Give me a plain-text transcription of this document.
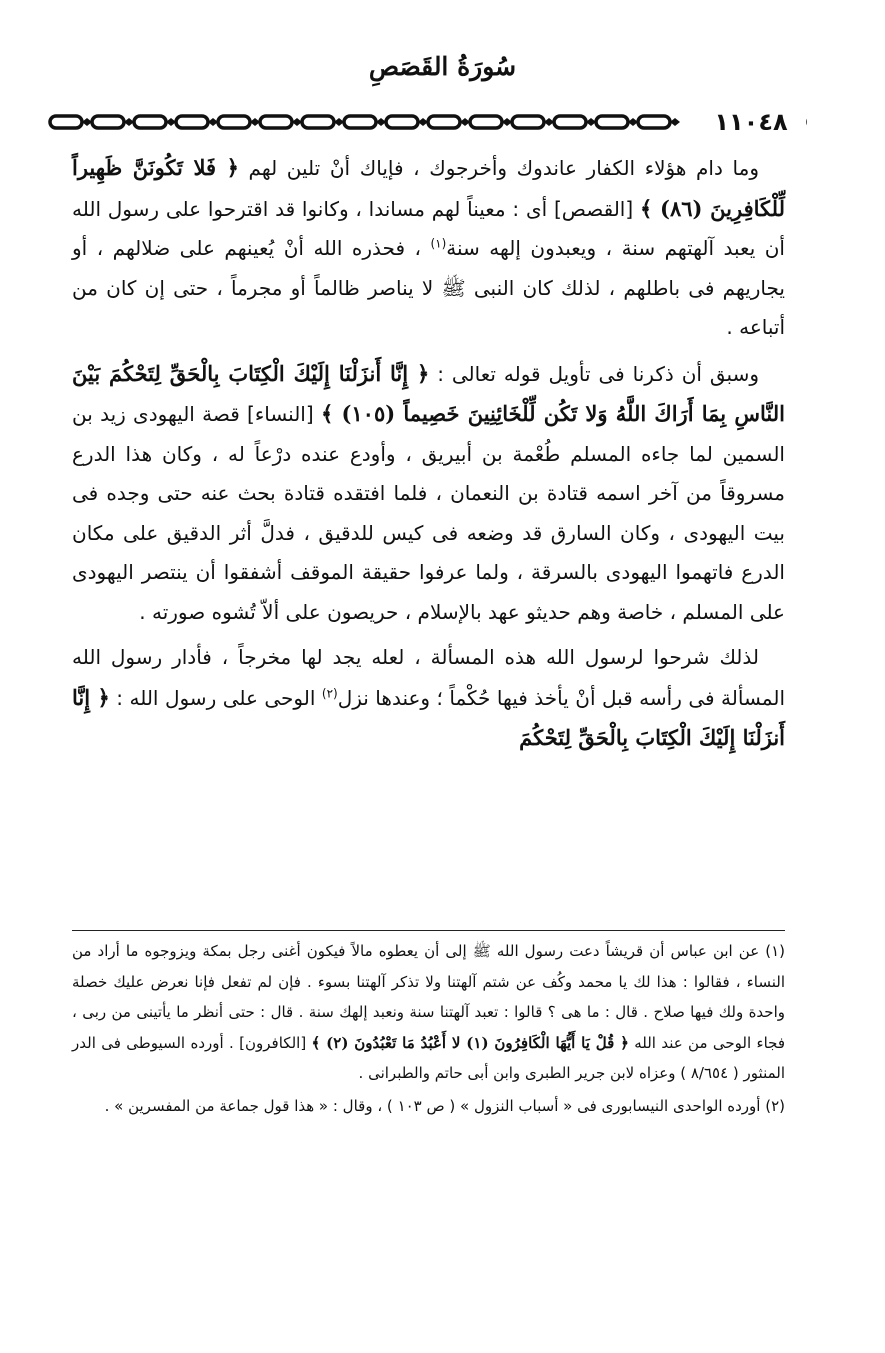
سُورَةُ القَصَصِ
١١٠٤٨

وما دام هؤلاء الكفار عاندوك وأخرجوك ، فإياك أنْ تلين لهم ﴿ فَلا تَكُونَنَّ ظَهِيراً لِّلْكَافِرِينَ (٨٦) ﴾ [القصص] أى : معيناً لهم مساندا ، وكانوا قد اقترحوا على رسول الله أن يعبد آلهتهم سنة ، ويعبدون إلهه سنة$^{(١)}$ ، فحذره الله أنْ يُعينهم على ضلالهم ، أو يجاريهم فى باطلهم ، لذلك كان النبى ﷺ لا يناصر ظالماً أو مجرماً ، حتى إن كان من أتباعه .

وسبق أن ذكرنا فى تأويل قوله تعالى : ﴿ إِنَّا أَنزَلْنَا إِلَيْكَ الْكِتَابَ بِالْحَقِّ لِتَحْكُمَ بَيْنَ النَّاسِ بِمَا أَرَاكَ اللَّهُ وَلا تَكُن لِّلْخَائِنِينَ خَصِيماً (١٠٥) ﴾ [النساء] قصة اليهودى زيد بن السمين لما جاءه المسلم طُعْمة بن أبيريق ، وأودع عنده درْعاً له ، وكان هذا الدرع مسروقاً من آخر اسمه قتادة بن النعمان ، فلما افتقده قتادة بحث عنه حتى وجده فى بيت اليهودى ، وكان السارق قد وضعه فى كيس للدقيق ، فدلَّ أثر الدقيق على مكان الدرع فاتهموا اليهودى بالسرقة ، ولما عرفوا حقيقة الموقف أشفقوا أن ينتصر اليهودى على المسلم ، خاصة وهم حديثو عهد بالإسلام ، حريصون على ألاّ تُشوه صورته .

لذلك شرحوا لرسول الله هذه المسألة ، لعله يجد لها مخرجاً ، فأدار رسول الله المسألة فى رأسه قبل أنْ يأخذ فيها حُكْماً ؛ وعندها نزل$^{(٢)}$ الوحى على رسول الله : ﴿ إِنَّا أَنزَلْنَا إِلَيْكَ الْكِتَابَ بِالْحَقِّ لِتَحْكُمَ

(١) عن ابن عباس أن قريشاً دعت رسول الله ﷺ إلى أن يعطوه مالاً فيكون أغنى رجل بمكة ويزوجوه ما أراد من النساء ، فقالوا : هذا لك يا محمد وكُف عن شتم آلهتنا ولا تذكر آلهتنا بسوء . فإن لم تفعل فإنا نعرض عليك خصلة واحدة ولك فيها صلاح . قال : ما هى ؟ قالوا : تعبد آلهتنا سنة ونعبد إلهك سنة . قال : حتى أنظر ما يأتينى من ربى ، فجاء الوحى من عند الله ﴿ قُلْ يَا أَيُّهَا الْكَافِرُونَ (١) لا أَعْبُدُ مَا تَعْبُدُونَ (٢) ﴾ [الكافرون] . أورده السيوطى فى الدر المنثور ( ٨/٦٥٤ ) وعزاه لابن جرير الطبرى وابن أبى حاتم والطبرانى .

(٢) أورده الواحدى النيسابورى فى « أسباب النزول » ( ص ١٠٣ ) ، وقال : « هذا قول جماعة من المفسرين » .
